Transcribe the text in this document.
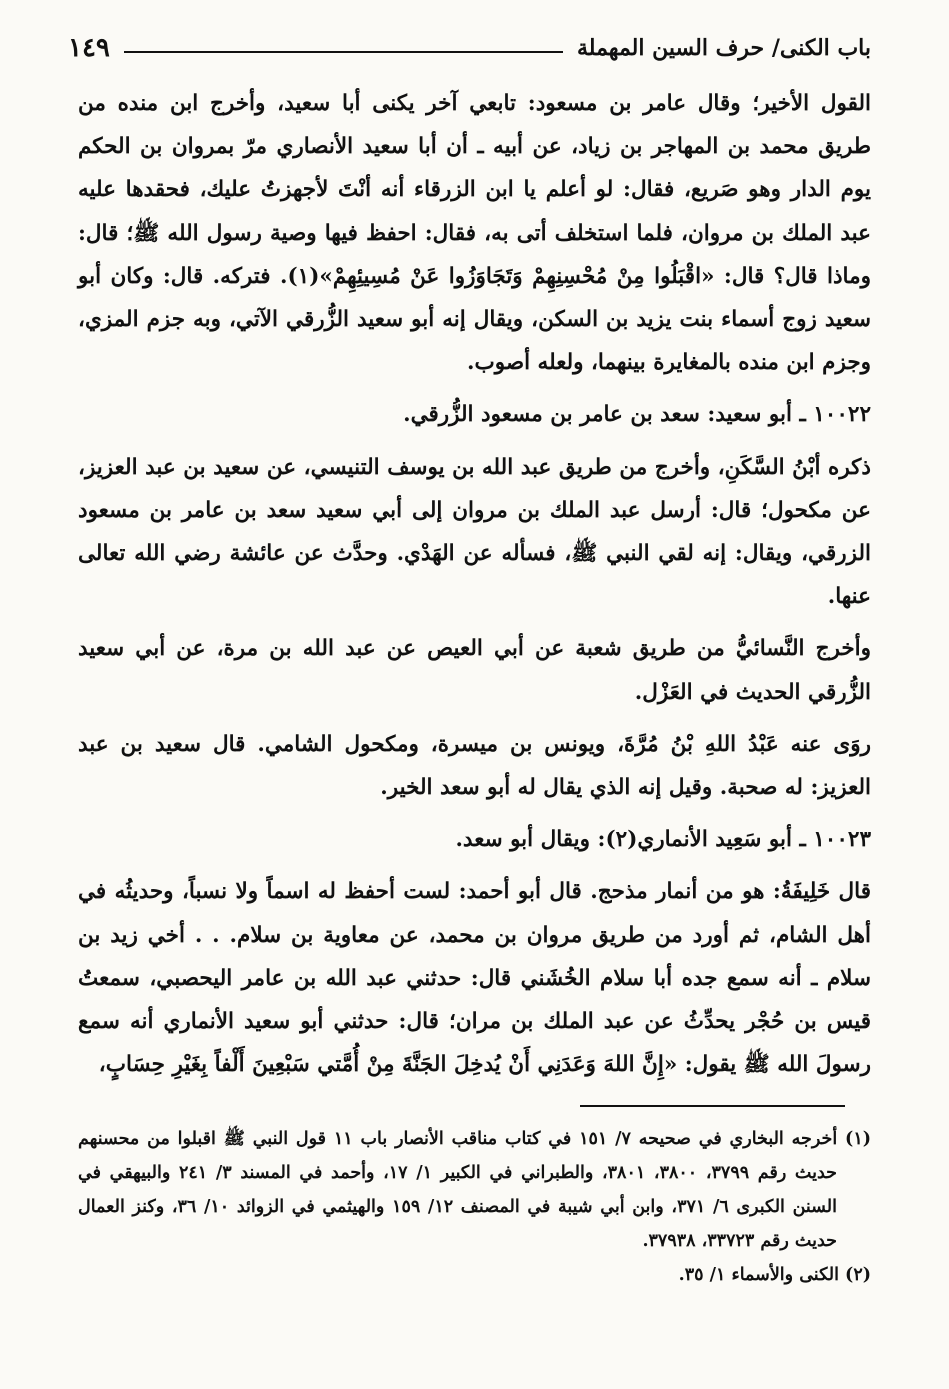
باب الكنى/ حرف السين المهملة
١٤٩

القول الأخير؛ وقال عامر بن مسعود: تابعي آخر يكنى أبا سعيد، وأخرج ابن منده من طريق محمد بن المهاجر بن زياد، عن أبيه ـ أن أبا سعيد الأنصاري مرّ بمروان بن الحكم يوم الدار وهو صَريع، فقال: لو أعلم يا ابن الزرقاء أنه أنْتَ لأجهزتُ عليك، فحقدها عليه عبد الملك بن مروان، فلما استخلف أتى به، فقال: احفظ فيها وصية رسول الله ﷺ؛ قال: وماذا قال؟ قال: «اقْبَلُوا مِنْ مُحْسِنِهِمْ وَتَجَاوَزُوا عَنْ مُسِيئِهِمْ»(١). فتركه. قال: وكان أبو سعيد زوج أسماء بنت يزيد بن السكن، ويقال إنه أبو سعيد الزُّرقي الآتي، وبه جزم المزي، وجزم ابن منده بالمغايرة بينهما، ولعله أصوب.

١٠٠٢٢ ـ أبو سعيد: سعد بن عامر بن مسعود الزُّرقي.

ذكره أبْنُ السَّكَنِ، وأخرج من طريق عبد الله بن يوسف التنيسي، عن سعيد بن عبد العزيز، عن مكحول؛ قال: أرسل عبد الملك بن مروان إلى أبي سعيد سعد بن عامر بن مسعود الزرقي، ويقال: إنه لقي النبي ﷺ، فسأله عن الهَدْي. وحدَّث عن عائشة رضي الله تعالى عنها.

وأخرج النَّسائيُّ من طريق شعبة عن أبي العيص عن عبد الله بن مرة، عن أبي سعيد الزُّرقي الحديث في العَزْل.

روَى عنه عَبْدُ اللهِ بْنُ مُرَّةَ، ويونس بن ميسرة، ومكحول الشامي. قال سعيد بن عبد العزيز: له صحبة. وقيل إنه الذي يقال له أبو سعد الخير.

١٠٠٢٣ ـ أبو سَعِيد الأنماري(٢): ويقال أبو سعد.

قال خَلِيفَةُ: هو من أنمار مذحج. قال أبو أحمد: لست أحفظ له اسماً ولا نسباً، وحديثُه في أهل الشام، ثم أورد من طريق مروان بن محمد، عن معاوية بن سلام. . . أخي زيد بن سلام ـ أنه سمع جده أبا سلام الخُشَني قال: حدثني عبد الله بن عامر اليحصبي، سمعتُ قيس بن حُجْر يحدِّثُ عن عبد الملك بن مران؛ قال: حدثني أبو سعيد الأنماري أنه سمع رسولَ الله ﷺ يقول: «إِنَّ اللهَ وَعَدَنِي أَنْ يُدخِلَ الجَنَّةَ مِنْ أُمَّتي سَبْعِينَ أَلْفاً بِغَيْرِ حِسَابٍ،

(١) أخرجه البخاري في صحيحه ٧/ ١٥١ في كتاب مناقب الأنصار باب ١١ قول النبي ﷺ اقبلوا من محسنهم حديث رقم ٣٧٩٩، ٣٨٠٠، ٣٨٠١، والطبراني في الكبير ١/ ١٧، وأحمد في المسند ٣/ ٢٤١ والبيهقي في السنن الكبرى ٦/ ٣٧١، وابن أبي شيبة في المصنف ١٢/ ١٥٩ والهيثمي في الزوائد ١٠/ ٣٦، وكنز العمال حديث رقم ٣٣٧٢٣، ٣٧٩٣٨.

(٢) الكنى والأسماء ١/ ٣٥.
